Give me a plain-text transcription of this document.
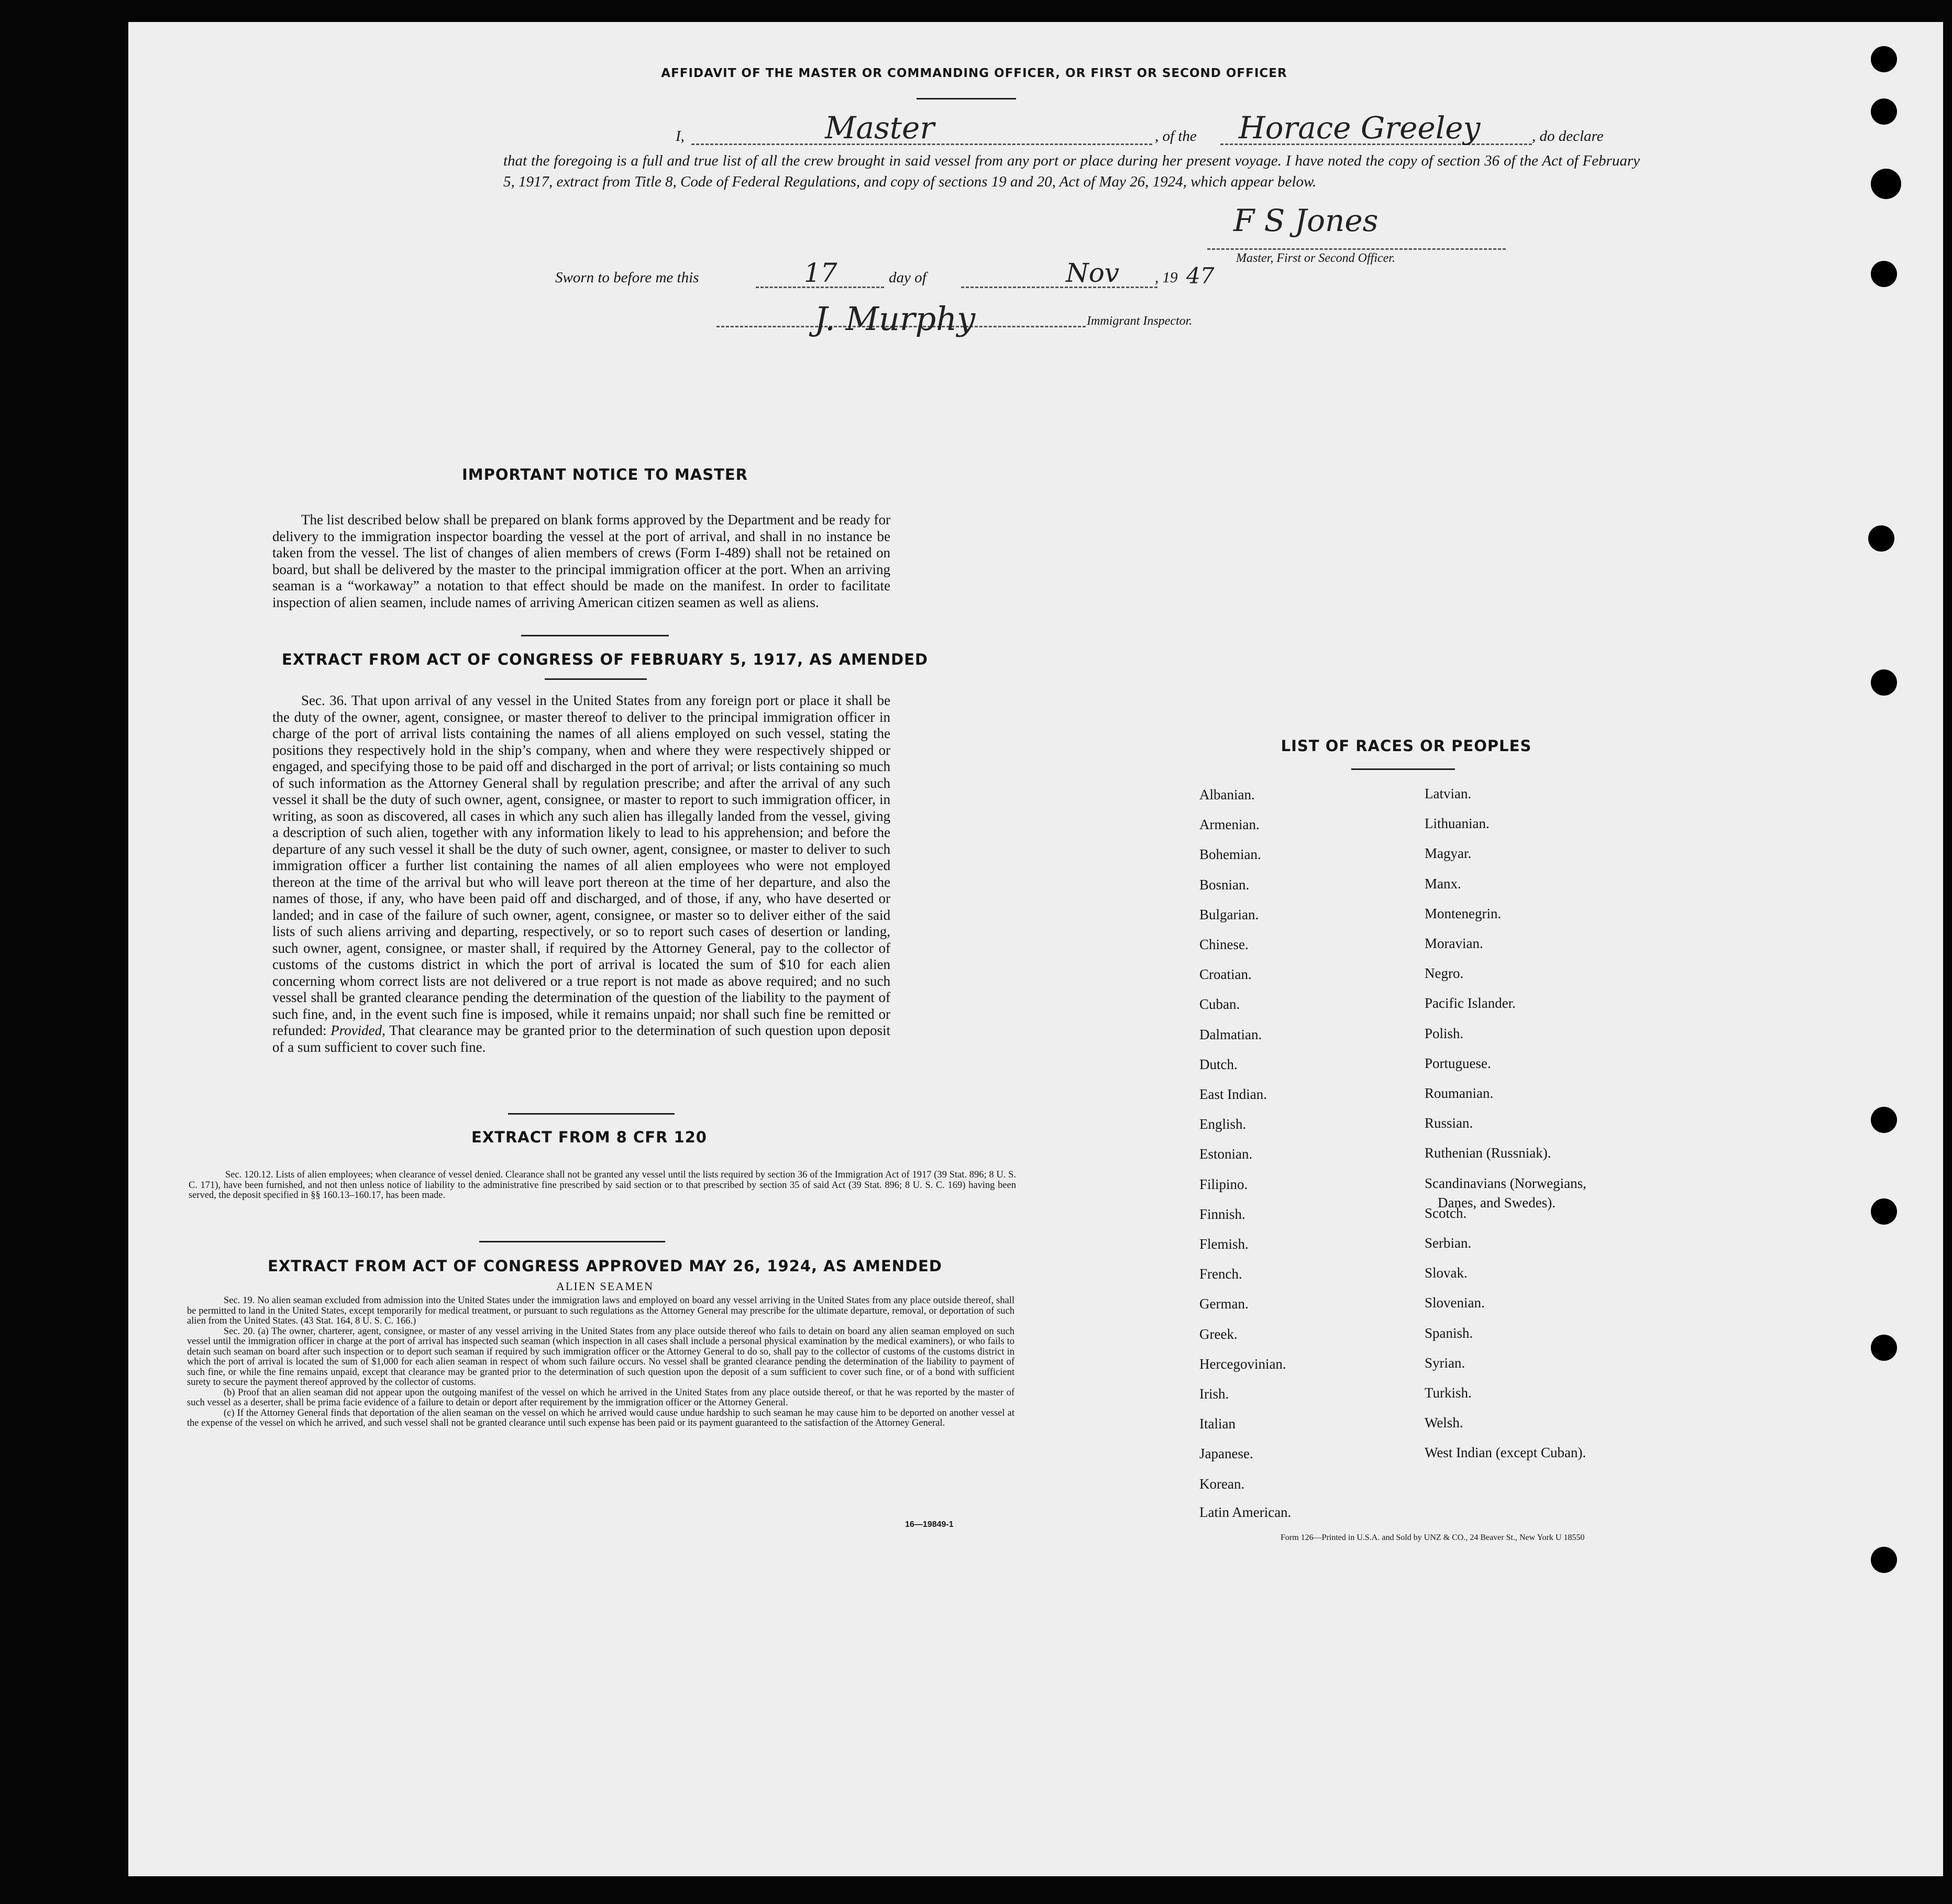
AFFIDAVIT OF THE MASTER OR COMMANDING OFFICER, OR FIRST OR SECOND OFFICER
I,	Master	, of the Horace Greeley	, do declare
that the foregoing is a full and true list of all the crew brought in said vessel from any port or place during her present voyage. I have noted the copy of section 36 of the Act of February 5, 1917, extract from Title 8, Code of Federal Regulations, and copy of sections 19 and 20, Act of May 26, 1924, which appear below.
F S Jones
Master, First or Second Officer.
Sworn to before me this	17	day of	Nov , 19 47
J. Murphy	Immigrant Inspector.
IMPORTANT NOTICE TO MASTER
The list described below shall be prepared on blank forms approved by the Department and be ready for delivery to the immigration inspector boarding the vessel at the port of arrival, and shall in no instance be taken from the vessel. The list of changes of alien members of crews (Form I-489) shall not be retained on board, but shall be delivered by the master to the principal immigration officer at the port. When an arriving seaman is a “workaway” a notation to that effect should be made on the manifest. In order to facilitate inspection of alien seamen, include names of arriving American citizen seamen as well as aliens.
EXTRACT FROM ACT OF CONGRESS OF FEBRUARY 5, 1917, AS AMENDED
Sec. 36. That upon arrival of any vessel in the United States from any foreign port or place it shall be the duty of the owner, agent, consignee, or master thereof to deliver to the principal immigration officer in charge of the port of arrival lists containing the names of all aliens employed on such vessel, stating the positions they respectively hold in the ship’s company, when and where they were respectively shipped or engaged, and specifying those to be paid off and discharged in the port of arrival; or lists containing so much of such information as the Attorney General shall by regulation prescribe; and after the arrival of any such vessel it shall be the duty of such owner, agent, consignee, or master to report to such immigration officer, in writing, as soon as discovered, all cases in which any such alien has illegally landed from the vessel, giving a description of such alien, together with any information likely to lead to his apprehension; and before the departure of any such vessel it shall be the duty of such owner, agent, consignee, or master to deliver to such immigration officer a further list containing the names of all alien employees who were not employed thereon at the time of the arrival but who will leave port thereon at the time of her departure, and also the names of those, if any, who have been paid off and discharged, and of those, if any, who have deserted or landed; and in case of the failure of such owner, agent, consignee, or master so to deliver either of the said lists of such aliens arriving and departing, respectively, or so to report such cases of desertion or landing, such owner, agent, consignee, or master shall, if required by the Attorney General, pay to the collector of customs of the customs district in which the port of arrival is located the sum of $10 for each alien concerning whom correct lists are not delivered or a true report is not made as above required; and no such vessel shall be granted clearance pending the determination of the question of the liability to the payment of such fine, and, in the event such fine is imposed, while it remains unpaid; nor shall such fine be remitted or refunded: Provided, That clearance may be granted prior to the determination of such question upon deposit of a sum sufficient to cover such fine.
EXTRACT FROM 8 CFR 120
Sec. 120.12. Lists of alien employees; when clearance of vessel denied. Clearance shall not be granted any vessel until the lists required by section 36 of the Immigration Act of 1917 (39 Stat. 896; 8 U. S. C. 171), have been furnished, and not then unless notice of liability to the administrative fine prescribed by said section or to that prescribed by section 35 of said Act (39 Stat. 896; 8 U. S. C. 169) having been served, the deposit specified in §§ 160.13–160.17, has been made.
EXTRACT FROM ACT OF CONGRESS APPROVED MAY 26, 1924, AS AMENDED
ALIEN SEAMEN
Sec. 19. No alien seaman excluded from admission into the United States under the immigration laws and employed on board any vessel arriving in the United States from any place outside thereof, shall be permitted to land in the United States, except temporarily for medical treatment, or pursuant to such regulations as the Attorney General may prescribe for the ultimate departure, removal, or deportation of such alien from the United States. (43 Stat. 164, 8 U. S. C. 166.)
Sec. 20. (a) The owner, charterer, agent, consignee, or master of any vessel arriving in the United States from any place outside thereof who fails to detain on board any alien seaman employed on such vessel until the immigration officer in charge at the port of arrival has inspected such seaman (which inspection in all cases shall include a personal physical examination by the medical examiners), or who fails to detain such seaman on board after such inspection or to deport such seaman if required by such immigration officer or the Attorney General to do so, shall pay to the collector of customs of the customs district in which the port of arrival is located the sum of $1,000 for each alien seaman in respect of whom such failure occurs. No vessel shall be granted clearance pending the determination of the liability to payment of such fine, or while the fine remains unpaid, except that clearance may be granted prior to the determination of such question upon the deposit of a sum sufficient to cover such fine, or of a bond with sufficient surety to secure the payment thereof approved by the collector of customs.
(b) Proof that an alien seaman did not appear upon the outgoing manifest of the vessel on which he arrived in the United States from any place outside thereof, or that he was reported by the master of such vessel as a deserter, shall be prima facie evidence of a failure to detain or deport after requirement by the immigration officer or the Attorney General.
(c) If the Attorney General finds that deportation of the alien seaman on the vessel on which he arrived would cause undue hardship to such seaman he may cause him to be deported on another vessel at the expense of the vessel on which he arrived, and such vessel shall not be granted clearance until such expense has been paid or its payment guaranteed to the satisfaction of the Attorney General.
16—19849-1
LIST OF RACES OR PEOPLES
Albanian.
Armenian.
Bohemian.
Bosnian.
Bulgarian.
Chinese.
Croatian.
Cuban.
Dalmatian.
Dutch.
East Indian.
English.
Estonian.
Filipino.
Finnish.
Flemish.
French.
German.
Greek.
Hercegovinian.
Irish.
Italian
Japanese.
Korean.
Latin American.
Latvian.
Lithuanian.
Magyar.
Manx.
Montenegrin.
Moravian.
Negro.
Pacific Islander.
Polish.
Portuguese.
Roumanian.
Russian.
Ruthenian (Russniak).
Scandinavians (Norwegians,
Danes, and Swedes).
Scotch.
Serbian.
Slovak.
Slovenian.
Spanish.
Syrian.
Turkish.
Welsh.
West Indian (except Cuban).
Form 126—Printed in U.S.A. and Sold by UNZ & CO., 24 Beaver St., New York U 18550
